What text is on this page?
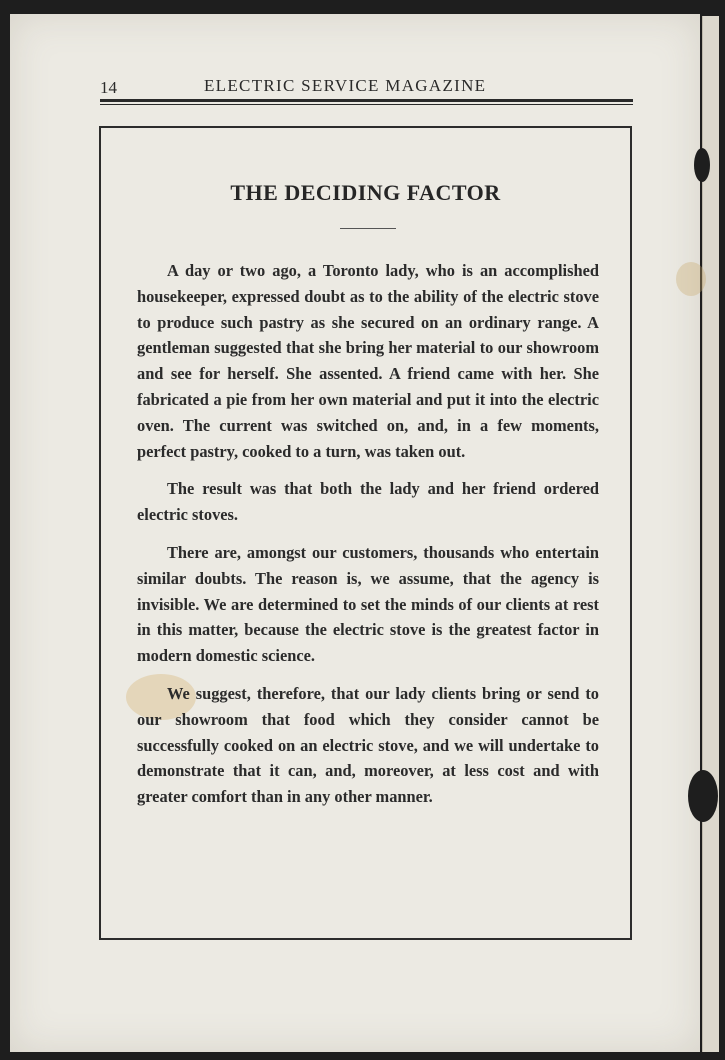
14	ELECTRIC SERVICE MAGAZINE
THE DECIDING FACTOR

A day or two ago, a Toronto lady, who is an accomplished housekeeper, expressed doubt as to the ability of the electric stove to produce such pastry as she secured on an ordinary range. A gentleman suggested that she bring her material to our showroom and see for herself. She assented. A friend came with her. She fabricated a pie from her own material and put it into the electric oven. The current was switched on, and, in a few moments, perfect pastry, cooked to a turn, was taken out.

The result was that both the lady and her friend ordered electric stoves.

There are, amongst our customers, thousands who entertain similar doubts. The reason is, we assume, that the agency is invisible. We are determined to set the minds of our clients at rest in this matter, because the electric stove is the greatest factor in modern domestic science.

We suggest, therefore, that our lady clients bring or send to our showroom that food which they consider cannot be successfully cooked on an electric stove, and we will undertake to demonstrate that it can, and, moreover, at less cost and with greater comfort than in any other manner.
